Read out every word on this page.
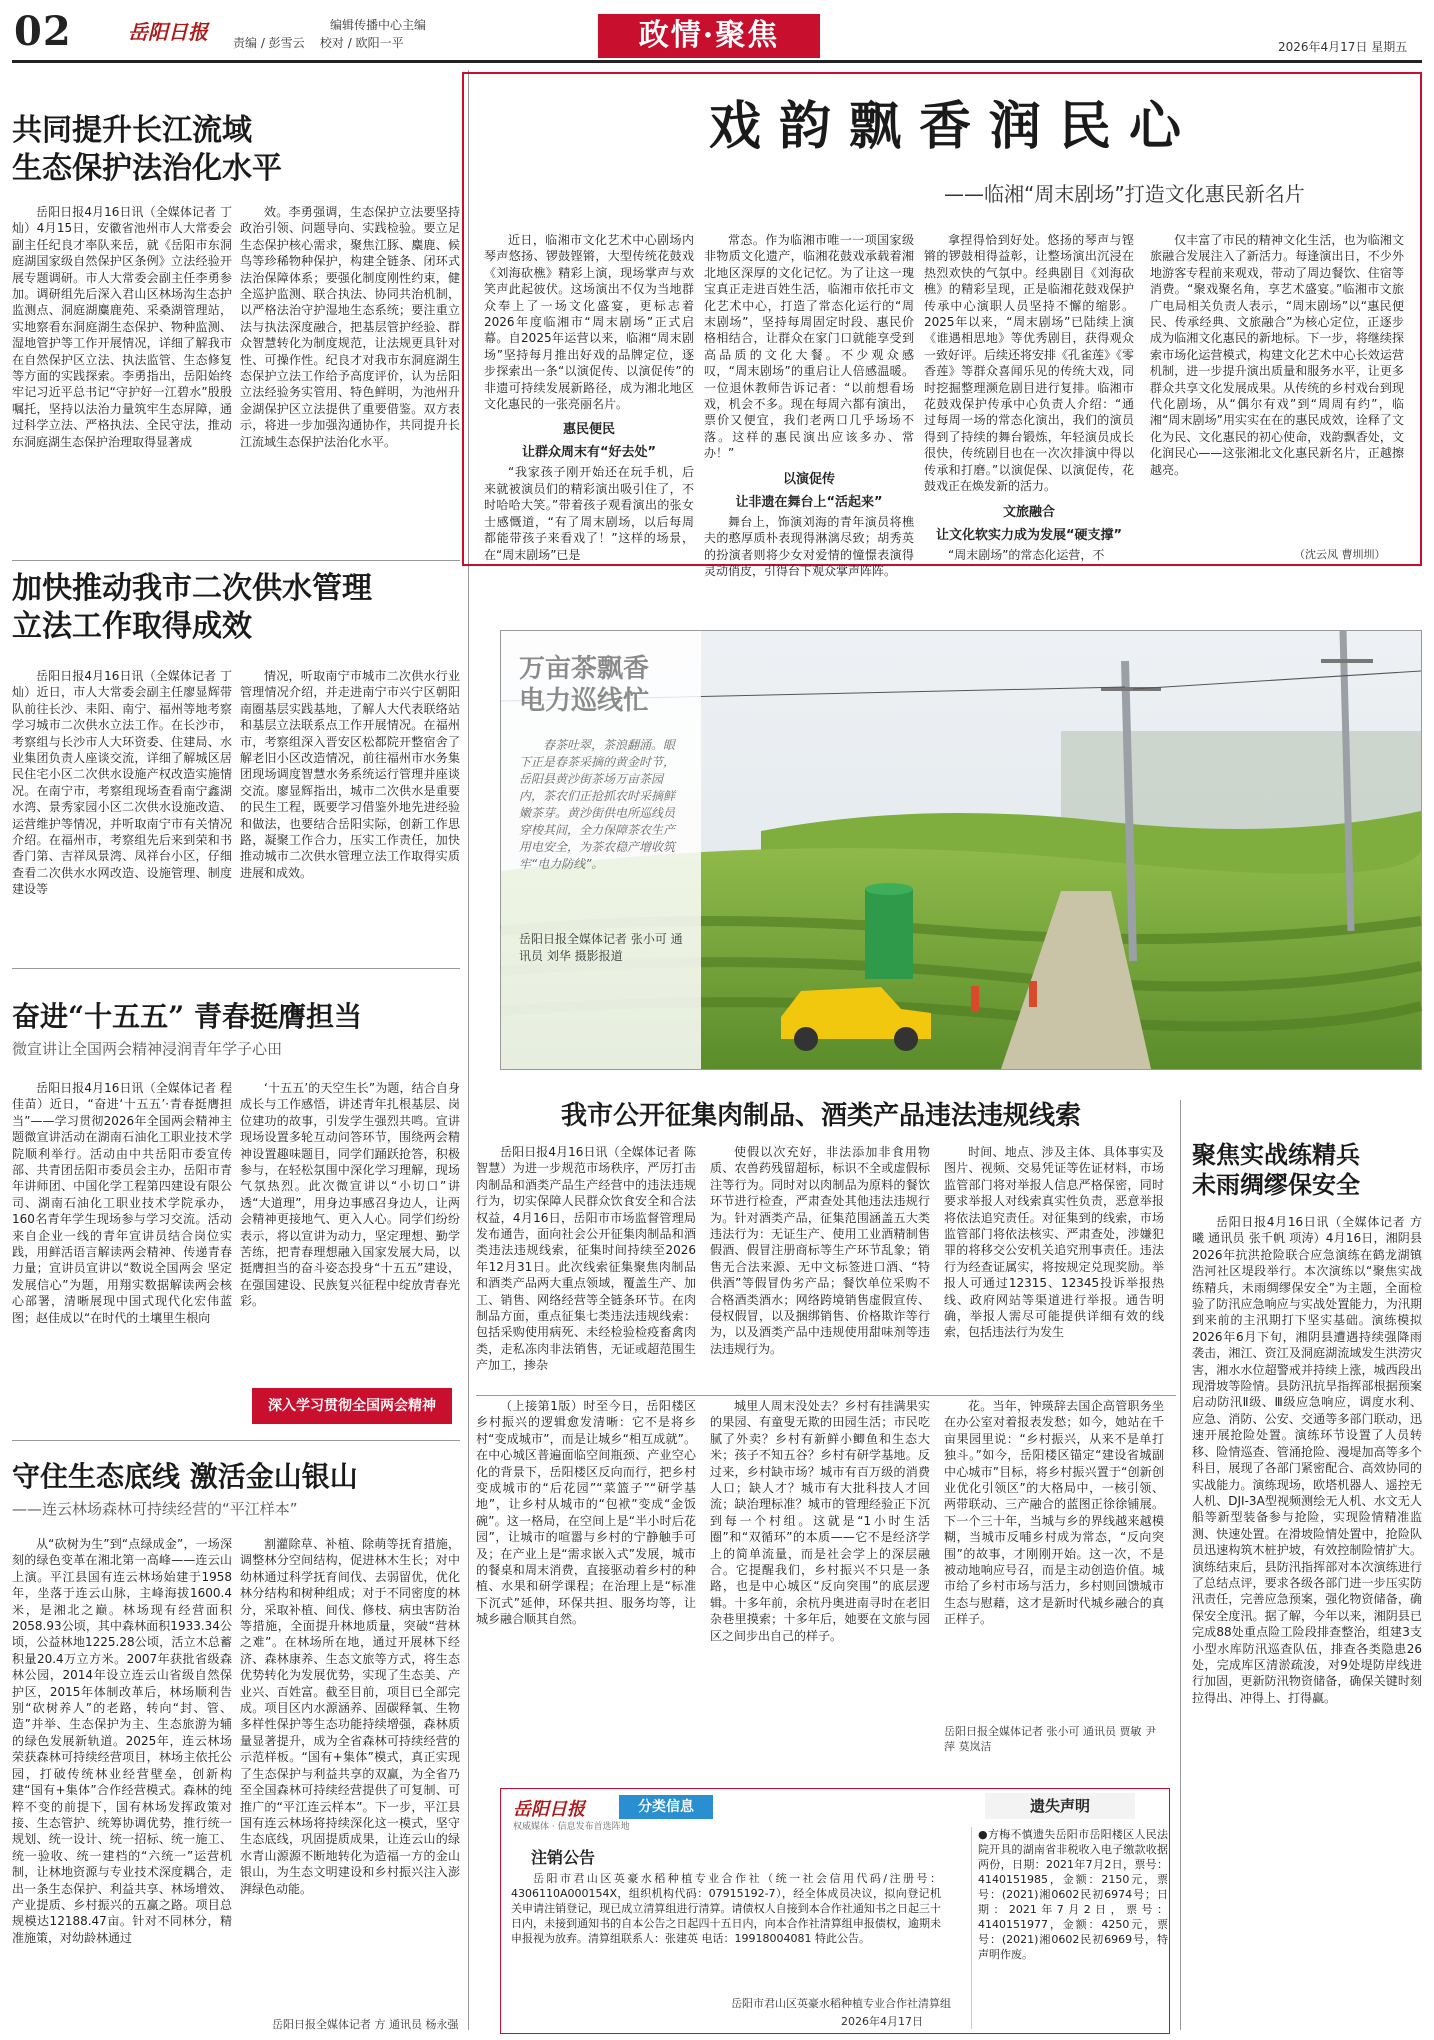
02	岳阳日报 责编 / 彭雪云    校对 / 欧阳一平
编辑传播中心主编	政情·聚焦	2026年4月17日 星期五
共同提升长江流域
生态保护法治化水平

岳阳日报4月16日讯（全媒体记者 丁灿）4月15日，安徽省池州市人大常委会副主任纪良才率队来岳，就《岳阳市东洞庭湖国家级自然保护区条例》立法经验开展专题调研。市人大常委会副主任李勇参加。调研组先后深入君山区林场沟生态护监测点、洞庭湖麋鹿苑、采桑湖管理站，实地察看东洞庭湖生态保护、物种监测、湿地管护等工作开展情况，详细了解我市在自然保护区立法、执法监管、生态修复等方面的实践探索。李勇指出，岳阳始终牢记习近平总书记“守护好一江碧水”殷殷嘱托，坚持以法治力量筑牢生态屏障，通过科学立法、严格执法、全民守法，推动东洞庭湖生态保护治理取得显著成

效。李勇强调，生态保护立法要坚持政治引领、问题导向、实践检验。要立足生态保护核心需求，聚焦江豚、麋鹿、候鸟等珍稀物种保护，构建全链条、闭环式法治保障体系；要强化制度刚性约束，健全巡护监测、联合执法、协同共治机制，以严格法治守护湿地生态系统；要注重立法与执法深度融合，把基层管护经验、群众智慧转化为制度规范，让法规更具针对性、可操作性。纪良才对我市东洞庭湖生态保护立法工作给予高度评价，认为岳阳立法经验务实管用、特色鲜明，为池州升金湖保护区立法提供了重要借鉴。双方表示，将进一步加强沟通协作，共同提升长江流域生态保护法治化水平。

加快推动我市二次供水管理
立法工作取得成效

岳阳日报4月16日讯（全媒体记者 丁灿）近日，市人大常委会副主任廖显辉带队前往长沙、耒阳、南宁、福州等地考察学习城市二次供水立法工作。在长沙市，考察组与长沙市人大环资委、住建局、水业集团负责人座谈交流，详细了解城区居民住宅小区二次供水设施产权改造实施情况。在南宁市，考察组现场查看南宁鑫湖水湾、景秀家园小区二次供水设施改造、运营维护等情况，并听取南宁市有关情况介绍。在福州市，考察组先后来到荣和书香门第、吉祥凤景湾、凤祥台小区，仔细查看二次供水水网改造、设施管理、制度建设等

情况，听取南宁市城市二次供水行业管理情况介绍，并走进南宁市兴宁区朝阳南圈基层实践基地，了解人大代表联络站和基层立法联系点工作开展情况。在福州市，考察组深入晋安区松都院开整宿舍了解老旧小区改造情况，前往福州市水务集团现场调度智慧水务系统运行管理并座谈交流。廖显辉指出，城市二次供水是重要的民生工程，既要学习借鉴外地先进经验和做法，也要结合岳阳实际，创新工作思路，凝聚工作合力，压实工作责任，加快推动城市二次供水管理立法工作取得实质进展和成效。

奋进“十五五” 青春挺膺担当
微宣讲让全国两会精神浸润青年学子心田

岳阳日报4月16日讯（全媒体记者 程佳苗）近日，“奋进‘十五五’·青春挺膺担当”——学习贯彻2026年全国两会精神主题微宣讲活动在湖南石油化工职业技术学院顺利举行。活动由中共岳阳市委宣传部、共青团岳阳市委员会主办，岳阳市青年讲师团、中国化学工程第四建设有限公司、湖南石油化工职业技术学院承办，160名青年学生现场参与学习交流。活动来自企业一线的青年宣讲员结合岗位实践，用鲜活语言解读两会精神、传递青春力量；宣讲员宣讲以“数说全国两会 坚定发展信心”为题，用翔实数据解读两会核心部署，清晰展现中国式现代化宏伟蓝图；赵佳成以“在时代的土壤里生根向

‘十五五’的天空生长”为题，结合自身成长与工作感悟，讲述青年扎根基层、岗位建功的故事，引发学生强烈共鸣。宣讲现场设置多轮互动问答环节，围绕两会精神设置趣味题目，同学们踊跃抢答，积极参与，在轻松氛围中深化学习理解，现场气氛热烈。此次微宣讲以“小切口”讲透“大道理”，用身边事感召身边人，让两会精神更接地气、更入人心。同学们纷纷表示，将以宣讲为动力，坚定理想、勤学苦练，把青春理想融入国家发展大局，以挺膺担当的奋斗姿态投身“十五五”建设，在强国建设、民族复兴征程中绽放青春光彩。

深入学习贯彻全国两会精神
守住生态底线 激活金山银山
——连云林场森林可持续经营的“平江样本”

从“砍树为生”到“点绿成金”，一场深刻的绿色变革在湘北第一高峰——连云山上演。平江县国有连云林场始建于1958年，坐落于连云山脉，主峰海拔1600.4米，是湘北之巅。林场现有经营面积2058.93公顷，其中森林面积1933.34公顷，公益林地1225.28公顷，活立木总蓄积量20.4万立方米。2007年获批省级森林公园，2014年设立连云山省级自然保护区，2015年体制改革后，林场顺利告别“砍树养人”的老路，转向“封、管、造”并举、生态保护为主、生态旅游为辅的绿色发展新轨道。2025年，连云林场荣获森林可持续经营项目，林场主依托公园，打破传统林业经营壁垒，创新构建“国有+集体”合作经营模式。森林的纯粹不变的前提下，国有林场发挥政策对接、生态管护、统筹协调优势，推行统一规划、统一设计、统一招标、统一施工、统一验收、统一建档的“六统一”运营机制，让林地资源与专业技术深度耦合，走出一条生态保护、利益共享、林场增效、产业提质、乡村振兴的五赢之路。项目总规模达12188.47亩。针对不同林分，精准施策，对幼龄林通过

割灌除草、补植、除萌等抚育措施，调整林分空间结构，促进林木生长；对中幼林通过科学抚育间伐、去弱留优，优化林分结构和树种组成；对于不同密度的林分，采取补植、间伐、修枝、病虫害防治等措施，全面提升林地质量，突破“营林之难”。在林场所在地，通过开展林下经济、森林康养、生态文旅等方式，将生态优势转化为发展优势，实现了生态美、产业兴、百姓富。截至目前，项目已全部完成。项目区内水源涵养、固碳释氧、生物多样性保护等生态功能持续增强，森林质量显著提升，成为全省森林可持续经营的示范样板。“国有+集体”模式，真正实现了生态保护与利益共享的双赢，为全省乃至全国森林可持续经营提供了可复制、可推广的“平江连云样本”。下一步，平江县国有连云林场将持续深化这一模式，坚守生态底线，巩固提质成果，让连云山的绿水青山源源不断地转化为造福一方的金山银山，为生态文明建设和乡村振兴注入澎湃绿色动能。

岳阳日报全媒体记者 方 通讯员 杨永强
戏韵飘香润民心
——临湘“周末剧场”打造文化惠民新名片

近日，临湘市文化艺术中心剧场内琴声悠扬、锣鼓铿锵，大型传统花鼓戏《刘海砍樵》精彩上演，现场掌声与欢笑声此起彼伏。这场演出不仅为当地群众奉上了一场文化盛宴，更标志着2026年度临湘市“周末剧场”正式启幕。自2025年运营以来，临湘“周末剧场”坚持每月推出好戏的品牌定位，逐步探索出一条“以演促传、以演促传”的非遗可持续发展新路径，成为湘北地区文化惠民的一张亮丽名片。

惠民便民
让群众周末有“好去处”

“我家孩子刚开始还在玩手机，后来就被演员们的精彩演出吸引住了，不时哈哈大笑。”带着孩子观看演出的张女士感慨道，“有了周末剧场，以后每周都能带孩子来看戏了！”这样的场景，在“周末剧场”已是

常态。作为临湘市唯一一项国家级非物质文化遗产，临湘花鼓戏承载着湘北地区深厚的文化记忆。为了让这一瑰宝真正走进百姓生活，临湘市依托市文化艺术中心，打造了常态化运行的“周末剧场”，坚持每周固定时段、惠民价格相结合，让群众在家门口就能享受到高品质的文化大餐。不少观众感叹，“周末剧场”的重启让人倍感温暖。一位退休教师告诉记者：“以前想看场戏，机会不多。现在每周六都有演出，票价又便宜，我们老两口几乎场场不落。这样的惠民演出应该多办、常办！”

以演促传
让非遗在舞台上“活起来”

舞台上，饰演刘海的青年演员将樵夫的憨厚质朴表现得淋漓尽致；胡秀英的扮演者则将少女对爱情的憧憬表演得灵动俏皮，引得台下观众掌声阵阵。

拿捏得恰到好处。悠扬的琴声与铿锵的锣鼓相得益彰，让整场演出沉浸在热烈欢快的气氛中。经典剧目《刘海砍樵》的精彩呈现，正是临湘花鼓戏保护传承中心演职人员坚持不懈的缩影。2025年以来，“周末剧场”已陆续上演《谁遇相思地》等优秀剧目，获得观众一致好评。后续还将安排《孔雀莲》《零香莲》等群众喜闻乐见的传统大戏，同时挖掘整理濒危剧目进行复排。临湘市花鼓戏保护传承中心负责人介绍：“通过每周一场的常态化演出，我们的演员得到了持续的舞台锻炼，年轻演员成长很快，传统剧目也在一次次排演中得以传承和打磨。”以演促保、以演促传，花鼓戏正在焕发新的活力。

文旅融合
让文化软实力成为发展“硬支撑”

“周末剧场”的常态化运营，不

仅丰富了市民的精神文化生活，也为临湘文旅融合发展注入了新活力。每逢演出日，不少外地游客专程前来观戏，带动了周边餐饮、住宿等消费。“聚戏聚名角，享艺术盛宴。”临湘市文旅广电局相关负责人表示，“周末剧场”以“惠民便民、传承经典、文旅融合”为核心定位，正逐步成为临湘文化惠民的新地标。下一步，将继续探索市场化运营模式，构建文化艺术中心长效运营机制，进一步提升演出质量和服务水平，让更多群众共享文化发展成果。从传统的乡村戏台到现代化剧场，从“偶尔有戏”到“周周有约”，临湘“周末剧场”用实实在在的惠民成效，诠释了文化为民、文化惠民的初心使命，戏韵飘香处，文化润民心——这张湘北文化惠民新名片，正越擦越亮。

（沈云凤 曹圳圳）
万亩茶飘香
电力巡线忙
春茶吐翠，茶浪翻涌。眼下正是春茶采摘的黄金时节，岳阳县黄沙街茶场万亩茶园内，茶农们正抢抓农时采摘鲜嫩茶芽。黄沙街供电所巡线员穿梭其间，全力保障茶农生产用电安全，为茶农稳产增收筑牢“电力防线”。
岳阳日报全媒体记者 张小可 通讯员 刘华 摄影报道
我市公开征集肉制品、酒类产品违法违规线索

岳阳日报4月16日讯（全媒体记者 陈智慧）为进一步规范市场秩序，严厉打击肉制品和酒类产品生产经营中的违法违规行为，切实保障人民群众饮食安全和合法权益，4月16日，岳阳市市场监督管理局发布通告，面向社会公开征集肉制品和酒类违法违规线索，征集时间持续至2026年12月31日。此次线索征集聚焦肉制品和酒类产品两大重点领域，覆盖生产、加工、销售、网络经营等全链条环节。在肉制品方面，重点征集七类违法违规线索：包括采购使用病死、未经检验检疫畜禽肉类，走私冻肉非法销售，无证或超范围生产加工，掺杂

使假以次充好，非法添加非食用物质、农兽药残留超标，标识不全或虚假标注等行为。同时对以肉制品为原料的餐饮环节进行检查，严肃查处其他违法违规行为。针对酒类产品，征集范围涵盖五大类违法行为：无证生产、使用工业酒精制售假酒、假冒注册商标等生产环节乱象；销售无合法来源、无中文标签进口酒、“特供酒”等假冒伪劣产品；餐饮单位采购不合格酒类酒水；网络跨境销售虚假宣传、侵权假冒，以及捆绑销售、价格欺诈等行为，以及酒类产品中违规使用甜味剂等违法违规行为。

时间、地点、涉及主体、具体事实及图片、视频、交易凭证等佐证材料，市场监管部门将对举报人信息严格保密，同时要求举报人对线索真实性负责，恶意举报将依法追究责任。对征集到的线索，市场监管部门将依法核实、严肃查处，涉嫌犯罪的将移交公安机关追究刑事责任。违法行为经查证属实，将按规定兑现奖励。举报人可通过12315、12345投诉举报热线、政府网站等渠道进行举报。通告明确，举报人需尽可能提供详细有效的线索，包括违法行为发生

聚焦实战练精兵
未雨绸缪保安全

岳阳日报4月16日讯（全媒体记者 方曦 通讯员 张千帆 项涛）4月16日，湘阴县2026年抗洪抢险联合应急演练在鹤龙湖镇浩河社区堤段举行。本次演练以“聚焦实战练精兵，未雨绸缪保安全”为主题，全面检验了防汛应急响应与实战处置能力，为汛期到来前的主汛期打下坚实基础。演练模拟2026年6月下旬，湘阴县遭遇持续强降雨袭击，湘江、资江及洞庭湖流域发生洪涝灾害，湘水水位超警戒并持续上涨，城西段出现滑坡等险情。县防汛抗旱指挥部根据预案启动防汛Ⅱ级、Ⅲ级应急响应，调度水利、应急、消防、公安、交通等多部门联动，迅速开展抢险处置。演练环节设置了人员转移、险情巡查、管涌抢险、漫堤加高等多个科目，展现了各部门紧密配合、高效协同的实战能力。演练现场，欧塔机器人、遥控无人机、DJI-3A型视频测绘无人机、水文无人船等新型装备参与抢险，实现险情精准监测、快速处置。在滑坡险情处置中，抢险队员迅速构筑木桩护坡，有效控制险情扩大。演练结束后，县防汛指挥部对本次演练进行了总结点评，要求各级各部门进一步压实防汛责任，完善应急预案，强化物资储备，确保安全度汛。据了解，今年以来，湘阴县已完成88处重点险工险段排查整治，组建3支小型水库防汛巡查队伍，排查各类隐患26处，完成库区清淤疏浚，对9处堤防岸线进行加固，更新防汛物资储备，确保关键时刻拉得出、冲得上、打得赢。

（上接第1版）时至今日，岳阳楼区乡村振兴的逻辑愈发清晰：它不是将乡村“变成城市”，而是让城乡“相互成就”。在中心城区普遍面临空间瓶颈、产业空心化的背景下，岳阳楼区反向而行，把乡村变成城市的“后花园”“菜篮子”“研学基地”，让乡村从城市的“包袱”变成“金饭碗”。这一格局，在空间上是“半小时后花园”，让城市的喧嚣与乡村的宁静触手可及；在产业上是“需求嵌入式”发展，城市的餐桌和周末消费，直接驱动着乡村的种植、水果和研学课程；在治理上是“标准下沉式”延伸，环保共担、服务均等，让城乡融合顺其自然。

城里人周末没处去？乡村有挂满果实的果园、有童叟无欺的田园生活；市民吃腻了外卖？乡村有新鲜小鲫鱼和生态大米；孩子不知五谷？乡村有研学基地。反过来，乡村缺市场？城市有百万级的消费人口；缺人才？城市有大批科技人才回流；缺治理标准？城市的管理经验正下沉到每一个村组。这就是“1小时生活圈”和“双循环”的本质——它不是经济学上的简单流量，而是社会学上的深层融合。它提醒我们，乡村振兴不只是一条路，也是中心城区“反向突围”的底层逻辑。十多年前，余杭丹奥进南寻时在老旧杂巷里摸索；十多年后，她要在文旅与园区之间步出自己的样子。

花。当年，钟瑛辞去国企高管职务坐在办公室对着报表发愁；如今，她站在千亩果园里说：“乡村振兴，从来不是单打独斗。”如今，岳阳楼区锚定“建设省城副中心城市”目标，将乡村振兴置于“创新创业优化引领区”的大格局中，一核引领、两带联动、三产融合的蓝图正徐徐铺展。下一个三十年，当城与乡的界线越来越模糊，当城市反哺乡村成为常态，“反向突围”的故事，才刚刚开始。这一次，不是被动地响应号召，而是主动创造价值。城市给了乡村市场与活力，乡村则回馈城市生态与慰藉，这才是新时代城乡融合的真正样子。

岳阳日报全媒体记者 张小可 通讯员 贾敏 尹萍 莫岚洁
岳阳日报
权威媒体 · 信息发布首选阵地
分类信息
注销公告

岳阳市君山区英豪水稻种植专业合作社（统一社会信用代码/注册号：4306110A000154X，组织机构代码：07915192-7），经全体成员决议，拟向登记机关申请注销登记，现已成立清算组进行清算。请债权人自接到本合作社通知书之日起三十日内，未接到通知书的自本公告之日起四十五日内，向本合作社清算组申报债权，逾期未申报视为放弃。清算组联系人：张建英 电话：19918004081 特此公告。

岳阳市君山区英豪水稻种植专业合作社清算组
2026年4月17日
遗失声明

●方梅不慎遗失岳阳市岳阳楼区人民法院开具的湖南省非税收入电子缴款收据两份，日期：2021年7月2日，票号：4140151985，金额：2150元，票号：(2021)湘0602民初6974号；日期：2021年7月2日，票号：4140151977，金额：4250元，票号：(2021)湘0602民初6969号，特声明作废。
